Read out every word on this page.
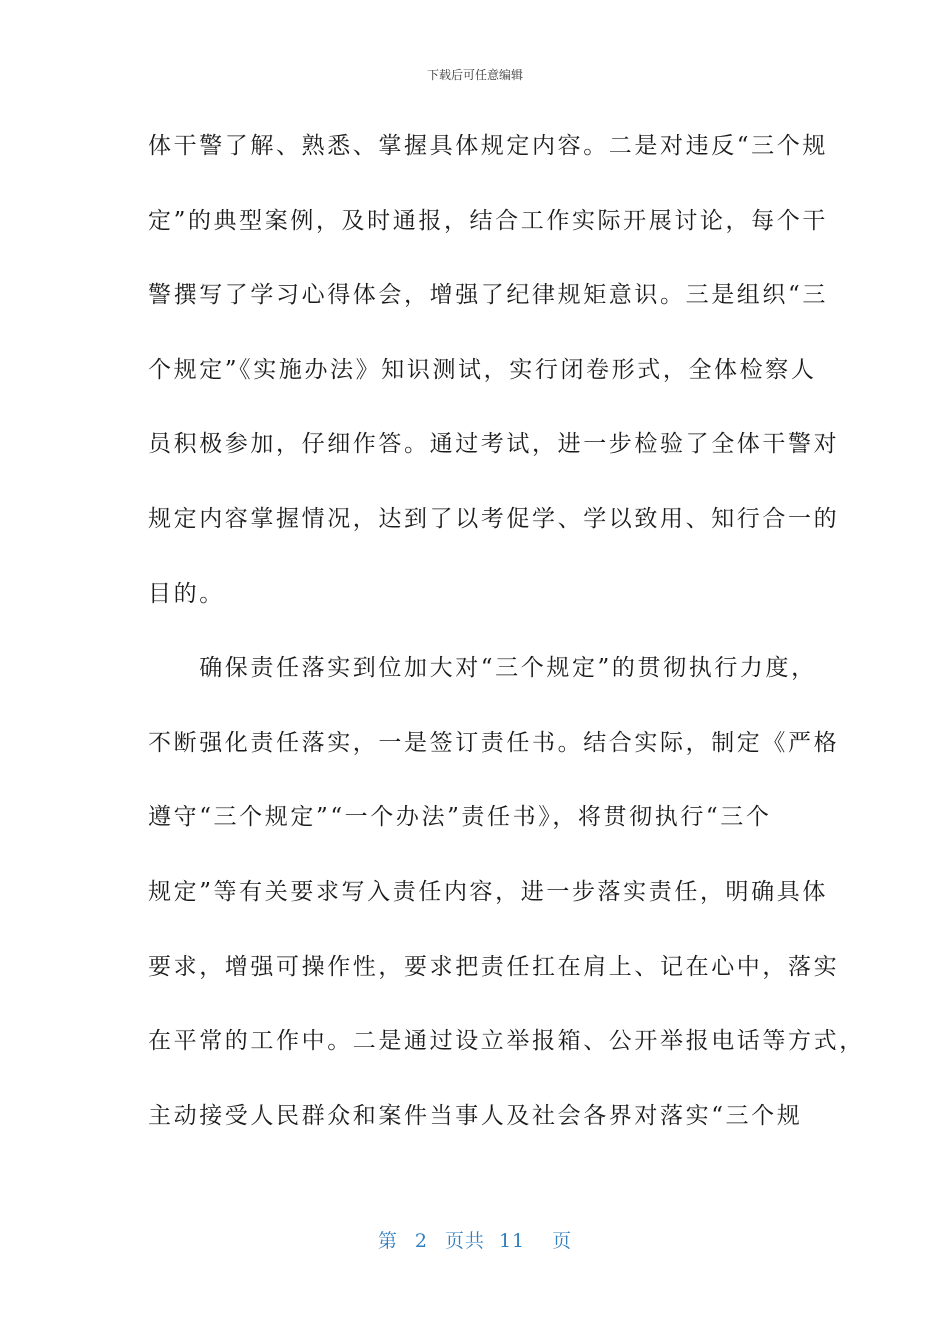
下载后可任意编辑
体干警了解、熟悉、掌握具体规定内容。二是对违反“三个规
定”的典型案例，及时通报，结合工作实际开展讨论，每个干
警撰写了学习心得体会，增强了纪律规矩意识。三是组织“三
个规定”《实施办法》知识测试，实行闭卷形式，全体检察人
员积极参加，仔细作答。通过考试，进一步检验了全体干警对
规定内容掌握情况，达到了以考促学、学以致用、知行合一的
目的。
　　确保责任落实到位加大对“三个规定”的贯彻执行力度，
不断强化责任落实，一是签订责任书。结合实际，制定《严格
遵守“三个规定”“一个办法”责任书》，将贯彻执行“三个
规定”等有关要求写入责任内容，进一步落实责任，明确具体
要求，增强可操作性，要求把责任扛在肩上、记在心中，落实
在平常的工作中。二是通过设立举报箱、公开举报电话等方式，
主动接受人民群众和案件当事人及社会各界对落实“三个规
第 2 页共 11 页
